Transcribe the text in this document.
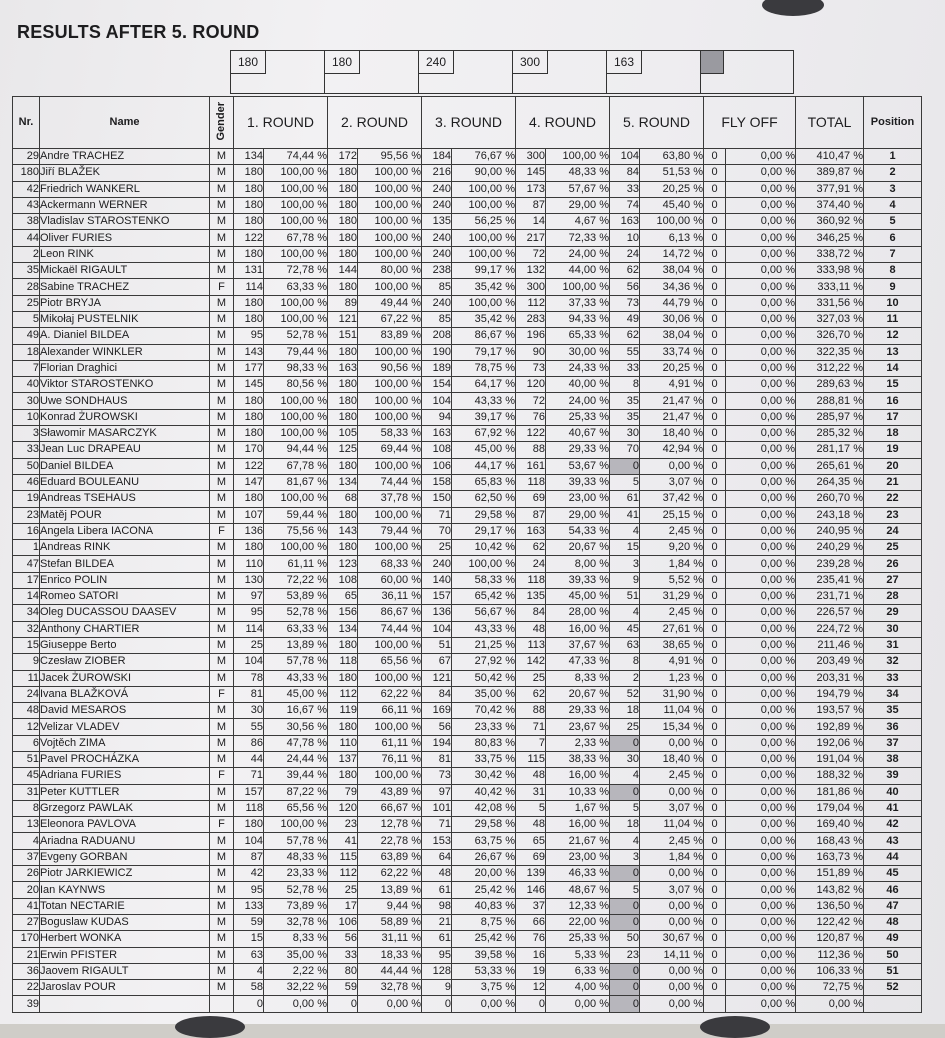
RESULTS AFTER 5. ROUND
180	180	240	300	163
Nr.	Name	Gender	1. ROUND		2. ROUND		3. ROUND		4. ROUND		5. ROUND		FLY OFF		TOTAL	Position
29	Andre TRACHEZ	M	134	74,44 %	172	95,56 %	184	76,67 %	300	100,00 %	104	63,80 %	0	0,00 %	410,47 %	1
180	Jiří BLAŽEK	M	180	100,00 %	180	100,00 %	216	90,00 %	145	48,33 %	84	51,53 %	0	0,00 %	389,87 %	2
42	Friedrich WANKERL	M	180	100,00 %	180	100,00 %	240	100,00 %	173	57,67 %	33	20,25 %	0	0,00 %	377,91 %	3
43	Ackermann WERNER	M	180	100,00 %	180	100,00 %	240	100,00 %	87	29,00 %	74	45,40 %	0	0,00 %	374,40 %	4
38	Vladislav STAROSTENKO	M	180	100,00 %	180	100,00 %	135	56,25 %	14	4,67 %	163	100,00 %	0	0,00 %	360,92 %	5
44	Oliver FURIES	M	122	67,78 %	180	100,00 %	240	100,00 %	217	72,33 %	10	6,13 %	0	0,00 %	346,25 %	6
2	Leon RINK	M	180	100,00 %	180	100,00 %	240	100,00 %	72	24,00 %	24	14,72 %	0	0,00 %	338,72 %	7
35	Mickaël RIGAULT	M	131	72,78 %	144	80,00 %	238	99,17 %	132	44,00 %	62	38,04 %	0	0,00 %	333,98 %	8
28	Sabine TRACHEZ	F	114	63,33 %	180	100,00 %	85	35,42 %	300	100,00 %	56	34,36 %	0	0,00 %	333,11 %	9
25	Piotr BRYJA	M	180	100,00 %	89	49,44 %	240	100,00 %	112	37,33 %	73	44,79 %	0	0,00 %	331,56 %	10
5	Mikołaj PUSTELNIK	M	180	100,00 %	121	67,22 %	85	35,42 %	283	94,33 %	49	30,06 %	0	0,00 %	327,03 %	11
49	A. Dianiel BILDEA	M	95	52,78 %	151	83,89 %	208	86,67 %	196	65,33 %	62	38,04 %	0	0,00 %	326,70 %	12
18	Alexander WINKLER	M	143	79,44 %	180	100,00 %	190	79,17 %	90	30,00 %	55	33,74 %	0	0,00 %	322,35 %	13
7	Florian Draghici	M	177	98,33 %	163	90,56 %	189	78,75 %	73	24,33 %	33	20,25 %	0	0,00 %	312,22 %	14
40	Viktor STAROSTENKO	M	145	80,56 %	180	100,00 %	154	64,17 %	120	40,00 %	8	4,91 %	0	0,00 %	289,63 %	15
30	Uwe SONDHAUS	M	180	100,00 %	180	100,00 %	104	43,33 %	72	24,00 %	35	21,47 %	0	0,00 %	288,81 %	16
10	Konrad ŻUROWSKI	M	180	100,00 %	180	100,00 %	94	39,17 %	76	25,33 %	35	21,47 %	0	0,00 %	285,97 %	17
3	Sławomir MASARCZYK	M	180	100,00 %	105	58,33 %	163	67,92 %	122	40,67 %	30	18,40 %	0	0,00 %	285,32 %	18
33	Jean Luc DRAPEAU	M	170	94,44 %	125	69,44 %	108	45,00 %	88	29,33 %	70	42,94 %	0	0,00 %	281,17 %	19
50	Daniel BILDEA	M	122	67,78 %	180	100,00 %	106	44,17 %	161	53,67 %	0	0,00 %	0	0,00 %	265,61 %	20
46	Eduard BOULEANU	M	147	81,67 %	134	74,44 %	158	65,83 %	118	39,33 %	5	3,07 %	0	0,00 %	264,35 %	21
19	Andreas TSEHAUS	M	180	100,00 %	68	37,78 %	150	62,50 %	69	23,00 %	61	37,42 %	0	0,00 %	260,70 %	22
23	Matěj POUR	M	107	59,44 %	180	100,00 %	71	29,58 %	87	29,00 %	41	25,15 %	0	0,00 %	243,18 %	23
16	Angela Libera IACONA	F	136	75,56 %	143	79,44 %	70	29,17 %	163	54,33 %	4	2,45 %	0	0,00 %	240,95 %	24
1	Andreas RINK	M	180	100,00 %	180	100,00 %	25	10,42 %	62	20,67 %	15	9,20 %	0	0,00 %	240,29 %	25
47	Stefan BILDEA	M	110	61,11 %	123	68,33 %	240	100,00 %	24	8,00 %	3	1,84 %	0	0,00 %	239,28 %	26
17	Enrico POLIN	M	130	72,22 %	108	60,00 %	140	58,33 %	118	39,33 %	9	5,52 %	0	0,00 %	235,41 %	27
14	Romeo SATORI	M	97	53,89 %	65	36,11 %	157	65,42 %	135	45,00 %	51	31,29 %	0	0,00 %	231,71 %	28
34	Oleg DUCASSOU DAASEV	M	95	52,78 %	156	86,67 %	136	56,67 %	84	28,00 %	4	2,45 %	0	0,00 %	226,57 %	29
32	Anthony CHARTIER	M	114	63,33 %	134	74,44 %	104	43,33 %	48	16,00 %	45	27,61 %	0	0,00 %	224,72 %	30
15	Giuseppe Berto	M	25	13,89 %	180	100,00 %	51	21,25 %	113	37,67 %	63	38,65 %	0	0,00 %	211,46 %	31
9	Czesław ZIOBER	M	104	57,78 %	118	65,56 %	67	27,92 %	142	47,33 %	8	4,91 %	0	0,00 %	203,49 %	32
11	Jacek ŻUROWSKI	M	78	43,33 %	180	100,00 %	121	50,42 %	25	8,33 %	2	1,23 %	0	0,00 %	203,31 %	33
24	Ivana BLAŽKOVÁ	F	81	45,00 %	112	62,22 %	84	35,00 %	62	20,67 %	52	31,90 %	0	0,00 %	194,79 %	34
48	David MESAROS	M	30	16,67 %	119	66,11 %	169	70,42 %	88	29,33 %	18	11,04 %	0	0,00 %	193,57 %	35
12	Velizar VLADEV	M	55	30,56 %	180	100,00 %	56	23,33 %	71	23,67 %	25	15,34 %	0	0,00 %	192,89 %	36
6	Vojtěch ZIMA	M	86	47,78 %	110	61,11 %	194	80,83 %	7	2,33 %	0	0,00 %	0	0,00 %	192,06 %	37
51	Pavel PROCHÁZKA	M	44	24,44 %	137	76,11 %	81	33,75 %	115	38,33 %	30	18,40 %	0	0,00 %	191,04 %	38
45	Adriana FURIES	F	71	39,44 %	180	100,00 %	73	30,42 %	48	16,00 %	4	2,45 %	0	0,00 %	188,32 %	39
31	Peter KUTTLER	M	157	87,22 %	79	43,89 %	97	40,42 %	31	10,33 %	0	0,00 %	0	0,00 %	181,86 %	40
8	Grzegorz PAWLAK	M	118	65,56 %	120	66,67 %	101	42,08 %	5	1,67 %	5	3,07 %	0	0,00 %	179,04 %	41
13	Eleonora PAVLOVA	F	180	100,00 %	23	12,78 %	71	29,58 %	48	16,00 %	18	11,04 %	0	0,00 %	169,40 %	42
4	Ariadna RADUANU	M	104	57,78 %	41	22,78 %	153	63,75 %	65	21,67 %	4	2,45 %	0	0,00 %	168,43 %	43
37	Evgeny GORBAN	M	87	48,33 %	115	63,89 %	64	26,67 %	69	23,00 %	3	1,84 %	0	0,00 %	163,73 %	44
26	Piotr JARKIEWICZ	M	42	23,33 %	112	62,22 %	48	20,00 %	139	46,33 %	0	0,00 %	0	0,00 %	151,89 %	45
20	Ian KAYNWS	M	95	52,78 %	25	13,89 %	61	25,42 %	146	48,67 %	5	3,07 %	0	0,00 %	143,82 %	46
41	Totan NECTARIE	M	133	73,89 %	17	9,44 %	98	40,83 %	37	12,33 %	0	0,00 %	0	0,00 %	136,50 %	47
27	Boguslaw KUDAS	M	59	32,78 %	106	58,89 %	21	8,75 %	66	22,00 %	0	0,00 %	0	0,00 %	122,42 %	48
170	Herbert WONKA	M	15	8,33 %	56	31,11 %	61	25,42 %	76	25,33 %	50	30,67 %	0	0,00 %	120,87 %	49
21	Erwin PFISTER	M	63	35,00 %	33	18,33 %	95	39,58 %	16	5,33 %	23	14,11 %	0	0,00 %	112,36 %	50
36	Jaovem RIGAULT	M	4	2,22 %	80	44,44 %	128	53,33 %	19	6,33 %	0	0,00 %	0	0,00 %	106,33 %	51
22	Jaroslav POUR	M	58	32,22 %	59	32,78 %	9	3,75 %	12	4,00 %	0	0,00 %	0	0,00 %	72,75 %	52
39			0	0,00 %	0	0,00 %	0	0,00 %	0	0,00 %	0	0,00 %		0,00 %	0,00 %	
